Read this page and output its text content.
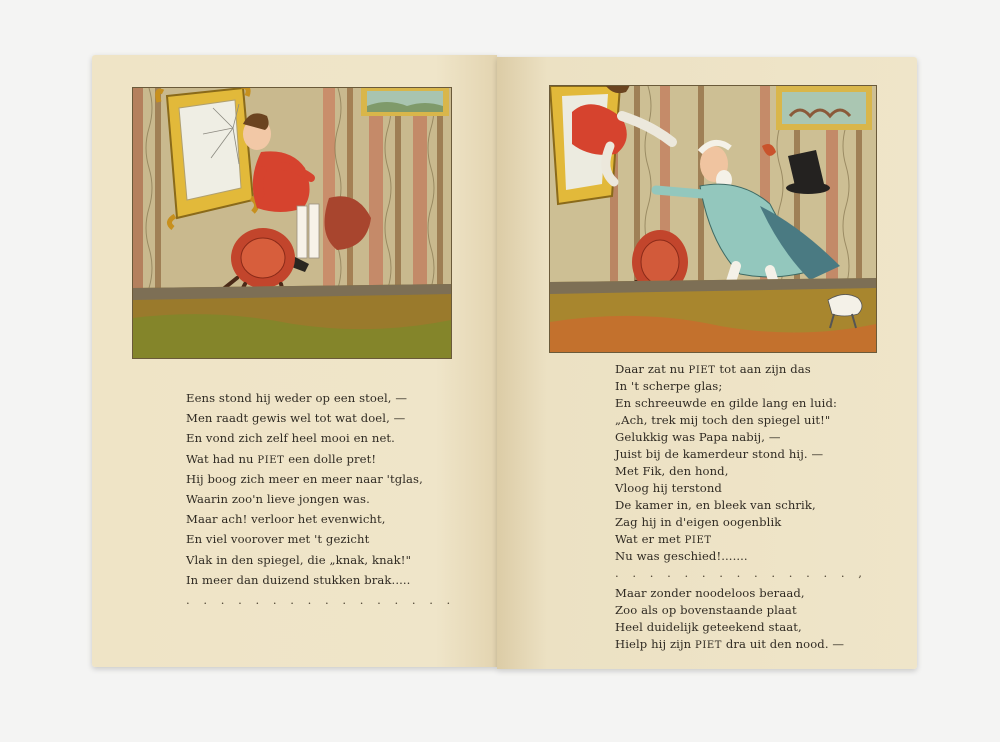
Eens stond hij weder op een stoel, —
Men raadt gewis wel tot wat doel, —
En vond zich zelf heel mooi en net.
Wat had nu PIET een dolle pret!
Hij boog zich meer en meer naar 'tglas,
Waarin zoo'n lieve jongen was.
Maar ach! verloor het evenwicht,
En viel voorover met 't gezicht
Vlak in den spiegel, die „knak, knak!"
In meer dan duizend stukken brak.....
. . . . . . . . . . . . . . . .
Daar zat nu PIET tot aan zijn das
In 't scherpe glas;
En schreeuwde en gilde lang en luid:
„Ach, trek mij toch den spiegel uit!"
Gelukkig was Papa nabij, —
Juist bij de kamerdeur stond hij. —
Met Fik, den hond,
Vloog hij terstond
De kamer in, en bleek van schrik,
Zag hij in d'eigen oogenblik
Wat er met PIET
Nu was geschied!.......
. . . . . . . . . . . . . . ,
Maar zonder noodeloos beraad,
Zoo als op bovenstaande plaat
Heel duidelijk geteekend staat,
Hielp hij zijn PIET dra uit den nood. —
